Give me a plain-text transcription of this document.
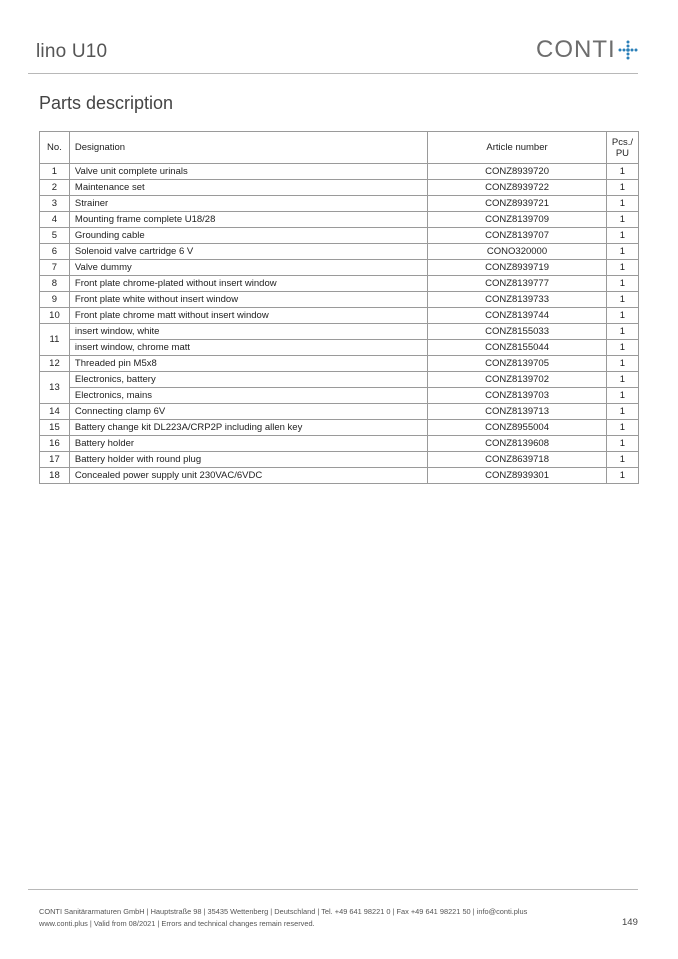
lino U10	CONTI
Parts description
No.	Designation	Article number	Pcs./
PU
1	Valve unit complete urinals	CONZ8939720	1
2	Maintenance set	CONZ8939722	1
3	Strainer	CONZ8939721	1
4	Mounting frame complete U18/28	CONZ8139709	1
5	Grounding cable	CONZ8139707	1
6	Solenoid valve cartridge 6 V	CONO320000	1
7	Valve dummy	CONZ8939719	1
8	Front plate chrome-plated without insert window	CONZ8139777	1
9	Front plate white without insert window	CONZ8139733	1
10	Front plate chrome matt without insert window	CONZ8139744	1
11	insert window, white	CONZ8155033	1
	insert window, chrome matt	CONZ8155044	1
12	Threaded pin M5x8	CONZ8139705	1
13	Electronics, battery	CONZ8139702	1
	Electronics, mains	CONZ8139703	1
14	Connecting clamp 6V	CONZ8139713	1
15	Battery change kit DL223A/CRP2P including allen key	CONZ8955004	1
16	Battery holder	CONZ8139608	1
17	Battery holder with round plug	CONZ8639718	1
18	Concealed power supply unit 230VAC/6VDC	CONZ8939301	1
CONTI Sanitärarmaturen GmbH | Hauptstraße 98 | 35435 Wettenberg | Deutschland | Tel. +49 641 98221 0 | Fax +49 641 98221 50 | info@conti.plus
www.conti.plus | Valid from 08/2021 | Errors and technical changes remain reserved.	149
